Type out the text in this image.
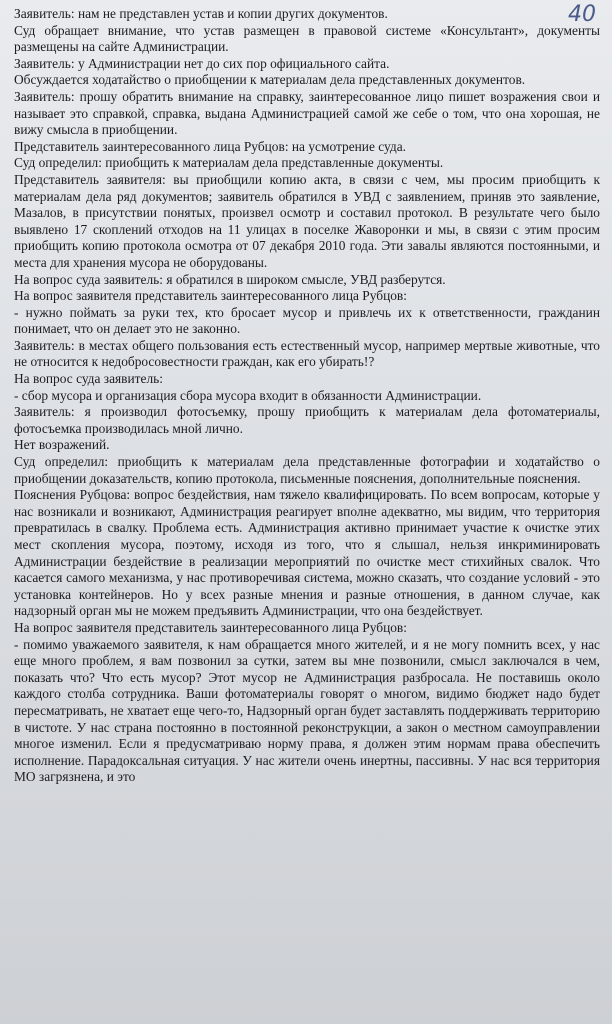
40

Заявитель: нам не представлен устав и копии других документов.

Суд обращает внимание, что устав размещен в правовой системе «Консультант», документы размещены на сайте Администрации.

Заявитель: у Администрации нет до сих пор официального сайта.

Обсуждается ходатайство о приобщении к материалам дела представленных документов.

Заявитель: прошу обратить внимание на справку, заинтересованное лицо пишет возражения свои и называет это справкой, справка, выдана Администрацией самой же себе о том, что она хорошая, не вижу смысла в приобщении.

Представитель заинтересованного лица Рубцов: на усмотрение суда.

Суд определил: приобщить к материалам дела представленные документы.

Представитель заявителя: вы приобщили копию акта, в связи с чем, мы просим приобщить к материалам дела ряд документов; заявитель обратился в УВД с заявлением, приняв это заявление, Мазалов, в присутствии понятых, произвел осмотр и составил протокол. В результате чего было выявлено 17 скоплений отходов на 11 улицах в поселке Жаворонки и мы, в связи с этим просим приобщить копию протокола осмотра от 07 декабря 2010 года. Эти завалы являются постоянными, и места для хранения мусора не оборудованы.

На вопрос суда заявитель: я обратился в широком смысле, УВД разберутся.

На вопрос заявителя представитель заинтересованного лица Рубцов:

- нужно поймать за руки тех, кто бросает мусор и привлечь их к ответственности, гражданин понимает, что он делает это не законно.

Заявитель: в местах общего пользования есть естественный мусор, например мертвые животные, что не относится к недобросовестности граждан, как его убирать!?

На вопрос суда заявитель:

- сбор мусора и организация сбора мусора входит в обязанности Администрации.

Заявитель: я производил фотосъемку, прошу приобщить к материалам дела фотоматериалы, фотосъемка производилась мной лично.

Нет возражений.

Суд определил: приобщить к материалам дела представленные фотографии и ходатайство о приобщении доказательств, копию протокола, письменные пояснения, дополнительные пояснения.

Пояснения Рубцова: вопрос бездействия, нам тяжело квалифицировать. По всем вопросам, которые у нас возникали и возникают, Администрация реагирует вполне адекватно, мы видим, что территория превратилась в свалку. Проблема есть. Администрация активно принимает участие к очистке этих мест скопления мусора, поэтому, исходя из того, что я слышал, нельзя инкриминировать Администрации бездействие в реализации мероприятий по очистке мест стихийных свалок. Что касается самого механизма, у нас противоречивая система, можно сказать, что создание условий - это установка контейнеров. Но у всех разные мнения и разные отношения, в данном случае, как надзорный орган мы не можем предъявить Администрации, что она бездействует.

На вопрос заявителя представитель заинтересованного лица Рубцов:

- помимо уважаемого заявителя, к нам обращается много жителей, и я не могу помнить всех, у нас еще много проблем, я вам позвонил за сутки, затем вы мне позвонили, смысл заключался в чем, показать что? Что есть мусор? Этот мусор не Администрация разбросала. Не поставишь около каждого столба сотрудника. Ваши фотоматериалы говорят о многом, видимо бюджет надо будет пересматривать, не хватает еще чего-то, Надзорный орган будет заставлять поддерживать территорию в чистоте. У нас страна постоянно в постоянной реконструкции, а закон о местном самоуправлении многое изменил. Если я предусматриваю норму права, я должен этим нормам права обеспечить исполнение. Парадоксальная ситуация. У нас жители очень инертны, пассивны. У нас вся территория МО загрязнена, и это
